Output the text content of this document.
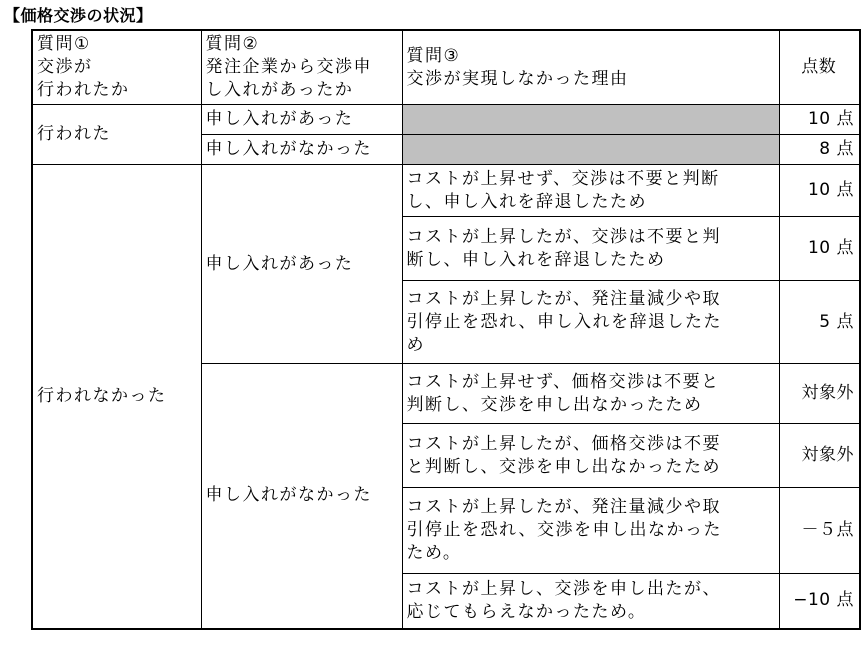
【価格交渉の状況】
質問①
交渉が
行われたか	質問②
発注企業から交渉申
し入れがあったか	質問③
交渉が実現しなかった理由	点数
行われた	申し入れがあった		10 点
	申し入れがなかった		8 点
行われなかった	申し入れがあった	コストが上昇せず、交渉は不要と判断
し、申し入れを辞退したため	10 点

		コストが上昇したが、交渉は不要と判
断し、申し入れを辞退したため	10 点

		コストが上昇したが、発注量減少や取
引停止を恐れ、申し入れを辞退したた
め	5 点
	申し入れがなかった	コストが上昇せず、価格交渉は不要と
判断し、交渉を申し出なかったため	対象外

		コストが上昇したが、価格交渉は不要
と判断し、交渉を申し出なかったため	対象外

		コストが上昇したが、発注量減少や取
引停止を恐れ、交渉を申し出なかった
ため。	－５点

		コストが上昇し、交渉を申し出たが、
応じてもらえなかったため。	−10 点
